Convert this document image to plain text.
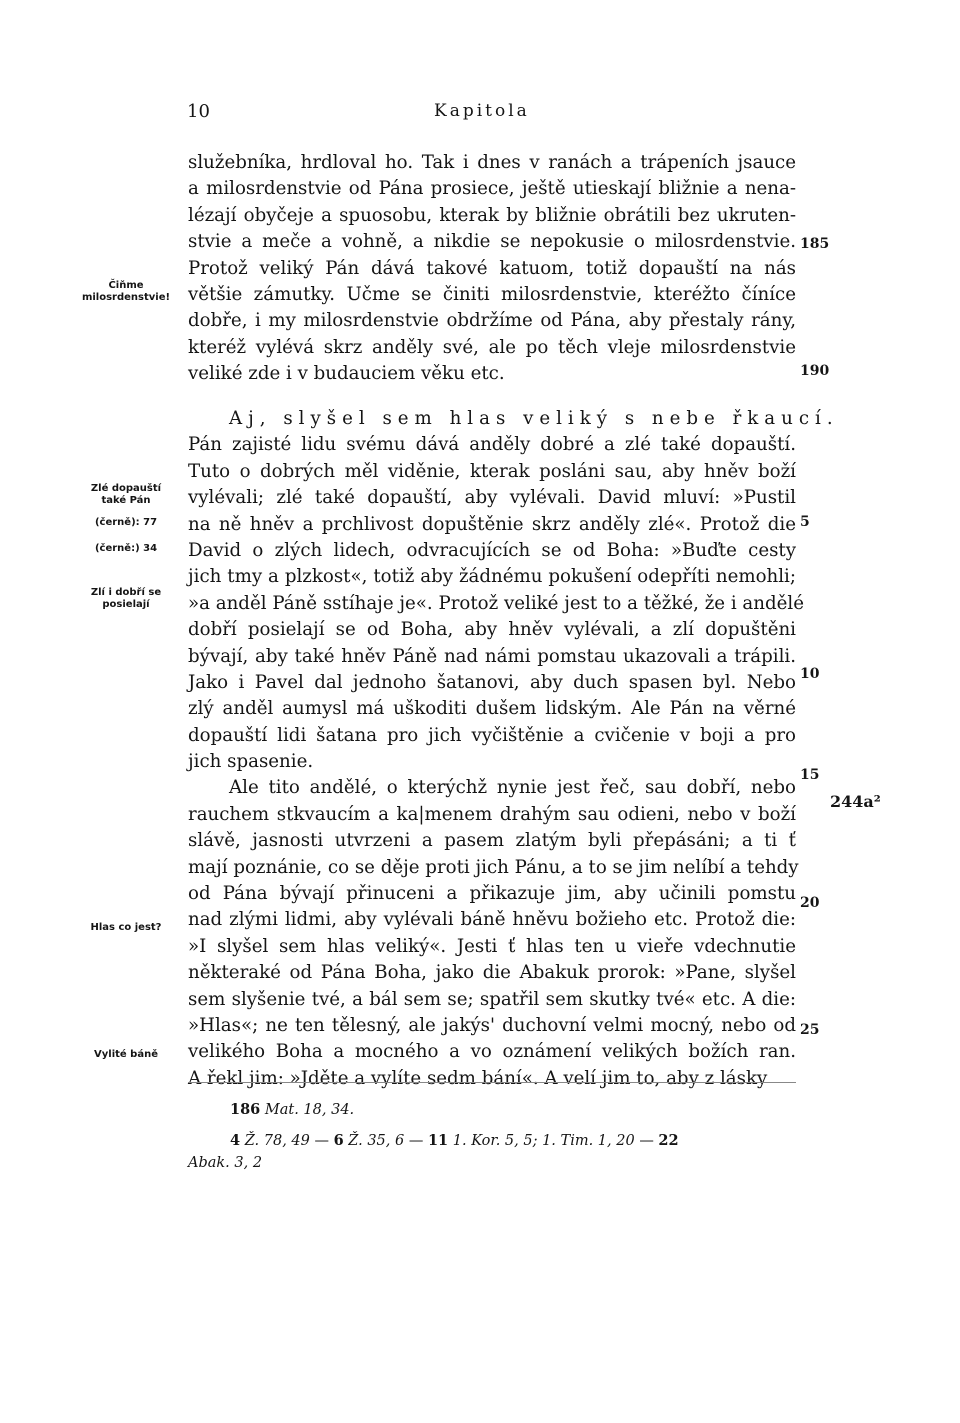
10	Kapitola
služebníka, hrdloval ho. Tak i dnes v ranách a trápeních jsauce
a milosrdenstvie od Pána prosiece, ještě utieskají bližnie a nena-
lézají obyčeje a spuosobu, kterak by bližnie obrátili bez ukruten-
stvie a meče a vohně, a nikdie se nepokusie o milosrdenstvie.
Protož veliký Pán dává takové katuom, totiž dopauští na nás
většie zámutky. Učme se činiti milosrdenstvie, kteréžto číníce
dobře, i my milosrdenstvie obdržíme od Pána, aby přestaly rány,
kteréž vylévá skrz anděly své, ale po těch vleje milosrdenstvie
veliké zde i v budauciem věku etc.
Aj, slyšel sem hlas veliký s nebe řkaucí.
Pán zajisté lidu svému dává anděly dobré a zlé také dopauští.
Tuto o dobrých měl viděnie, kterak posláni sau, aby hněv boží
vylévali; zlé také dopauští, aby vylévali. David mluví: »Pustil
na ně hněv a prchlivost dopuštěnie skrz anděly zlé«. Protož die
David o zlých lidech, odvracujících se od Boha: »Buďte cesty
jich tmy a plzkost«, totiž aby žádnému pokušení odepříti nemohli;
»a anděl Páně sstíhaje je«. Protož veliké jest to a těžké, že i andělé
dobří posielají se od Boha, aby hněv vylévali, a zlí dopuštěni
bývají, aby také hněv Páně nad námi pomstau ukazovali a trápili.
Jako i Pavel dal jednoho šatanovi, aby duch spasen byl. Nebo
zlý anděl aumysl má uškoditi dušem lidským. Ale Pán na věrné
dopauští lidi šatana pro jich vyčištěnie a cvičenie v boji a pro
jich spasenie.
Ale tito andělé, o kterýchž nynie jest řeč, sau dobří, nebo
rauchem stkvaucím a ka|menem drahým sau odieni, nebo v boží
slávě, jasnosti utvrzeni a pasem zlatým byli přepásáni; a ti ť
mají poznánie, co se děje proti jich Pánu, a to se jim nelíbí a tehdy
od Pána bývají přinuceni a přikazuje jim, aby učinili pomstu
nad zlými lidmi, aby vylévali báně hněvu božieho etc. Protož die:
»I slyšel sem hlas veliký«. Jesti ť hlas ten u vieře vdechnutie
některaké od Pána Boha, jako die Abakuk prorok: »Pane, slyšel
sem slyšenie tvé, a bál sem se; spatřil sem skutky tvé« etc. A die:
»Hlas«; ne ten tělesný, ale jakýs' duchovní velmi mocný, nebo od
velikého Boha a mocného a vo oznámení velikých božích ran.
A řekl jim: »Jděte a vylíte sedm bání«. A velí jim to, aby z lásky
185
190
5
10
15
20
25
244a²
Čiňme milosrdenstvie!
Zlé dopauští také Pán
(černě): 77
(černě:) 34
Zlí i dobří se posielají
Hlas co jest?
Vylité báně
186 Mat. 18, 34.
4 Ž. 78, 49 — 6 Ž. 35, 6 — 11 1. Kor. 5, 5; 1. Tim. 1, 20 — 22
Abak. 3, 2
